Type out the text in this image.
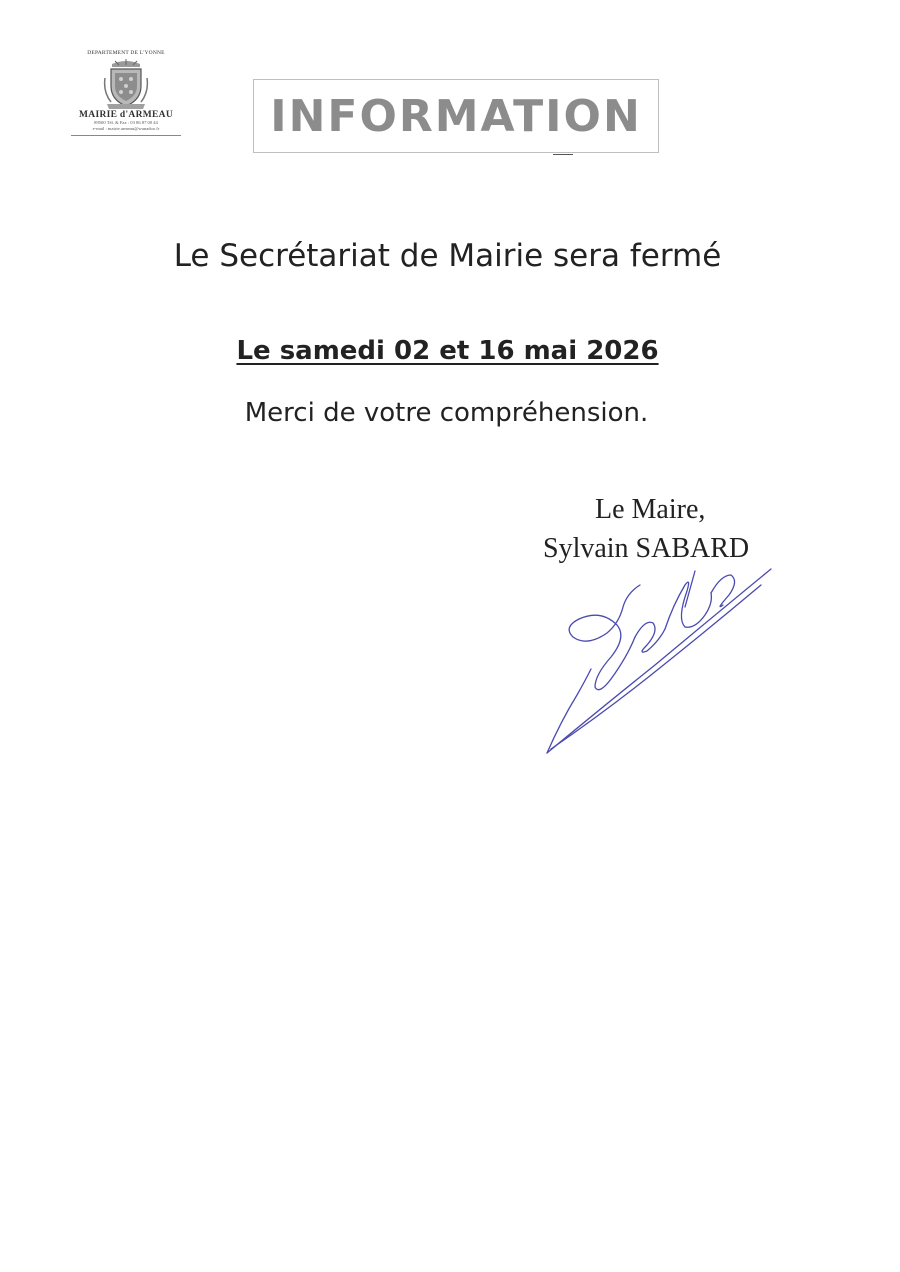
DEPARTEMENT DE L'YONNE
MAIRIE d'ARMEAU
89500 Tél. & Fax : 03 86 87 00 44
e-mail : mairie.armeau@wanadoo.fr	INFORMATION
Le Secrétariat de Mairie sera fermé
Le samedi 02 et 16 mai 2026
Merci de votre compréhension.
Le Maire,
Sylvain SABARD
